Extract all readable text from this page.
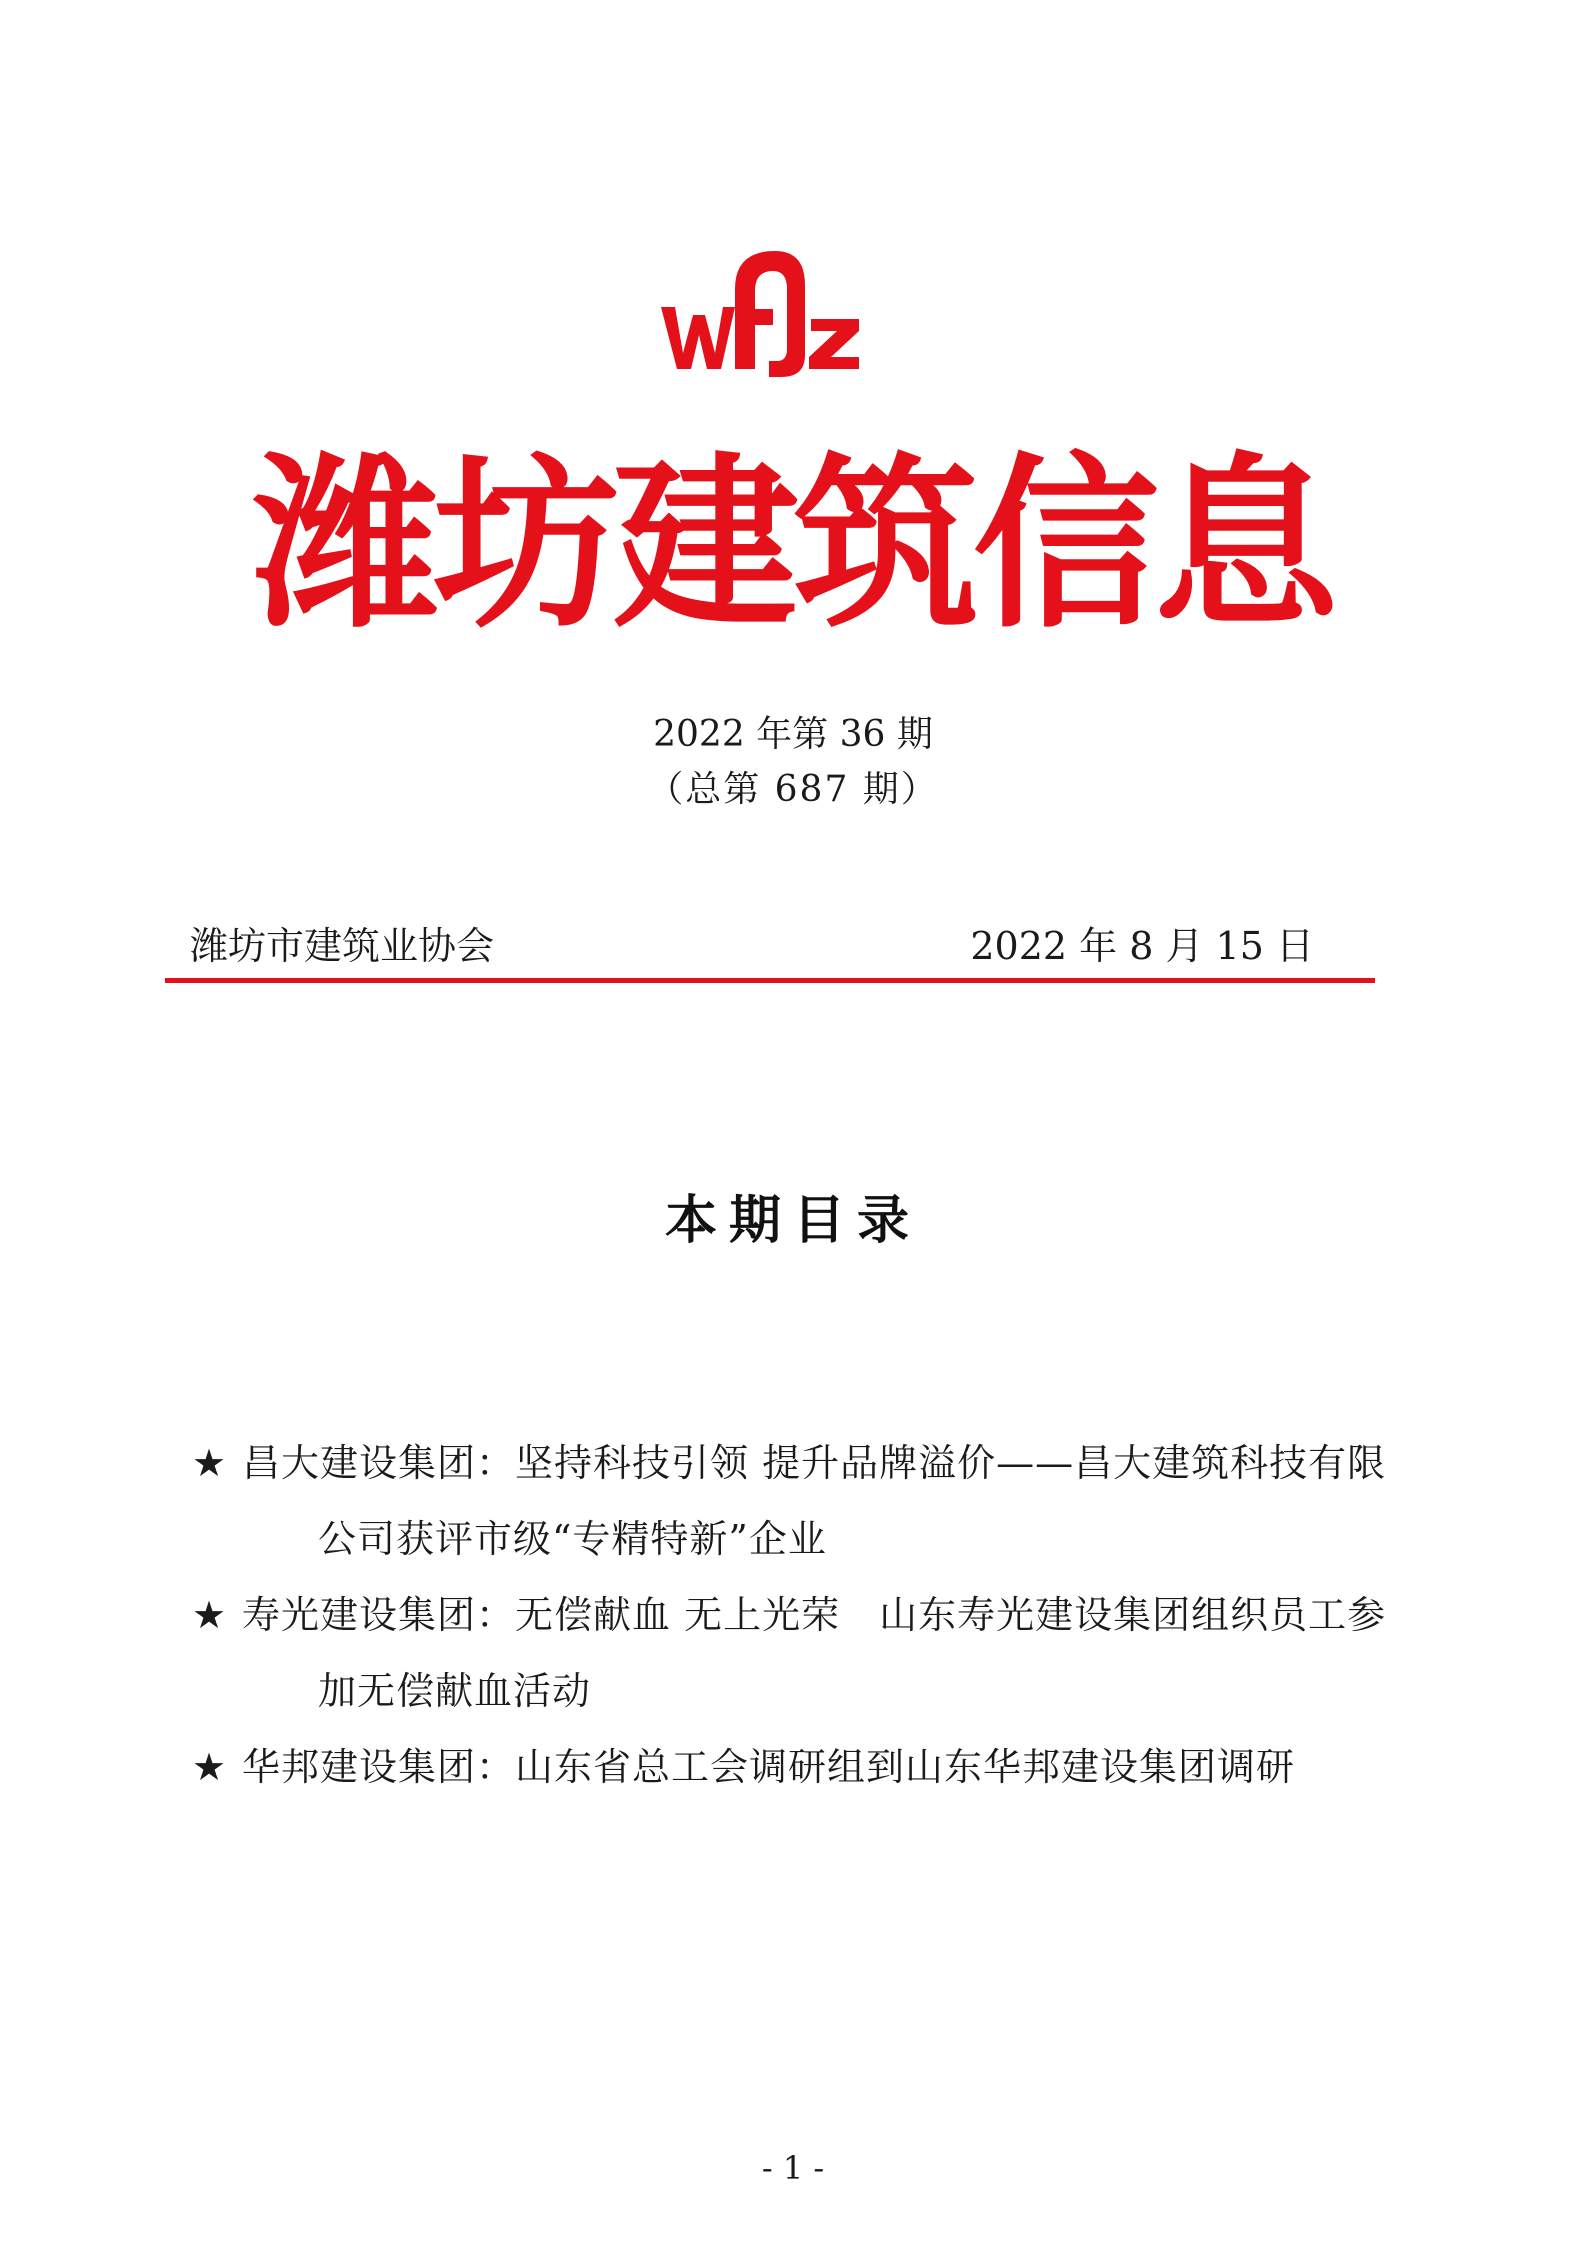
潍坊建筑信息
2022 年第 36 期
（总第 687 期）
潍坊市建筑业协会	2022 年 8 月 15 日
本期目录
★ 昌大建设集团：坚持科技引领 提升品牌溢价——昌大建筑科技有限公司获评市级“专精特新”企业
★ 寿光建设集团：无偿献血 无上光荣　山东寿光建设集团组织员工参加无偿献血活动
★ 华邦建设集团：山东省总工会调研组到山东华邦建设集团调研
- 1 -
